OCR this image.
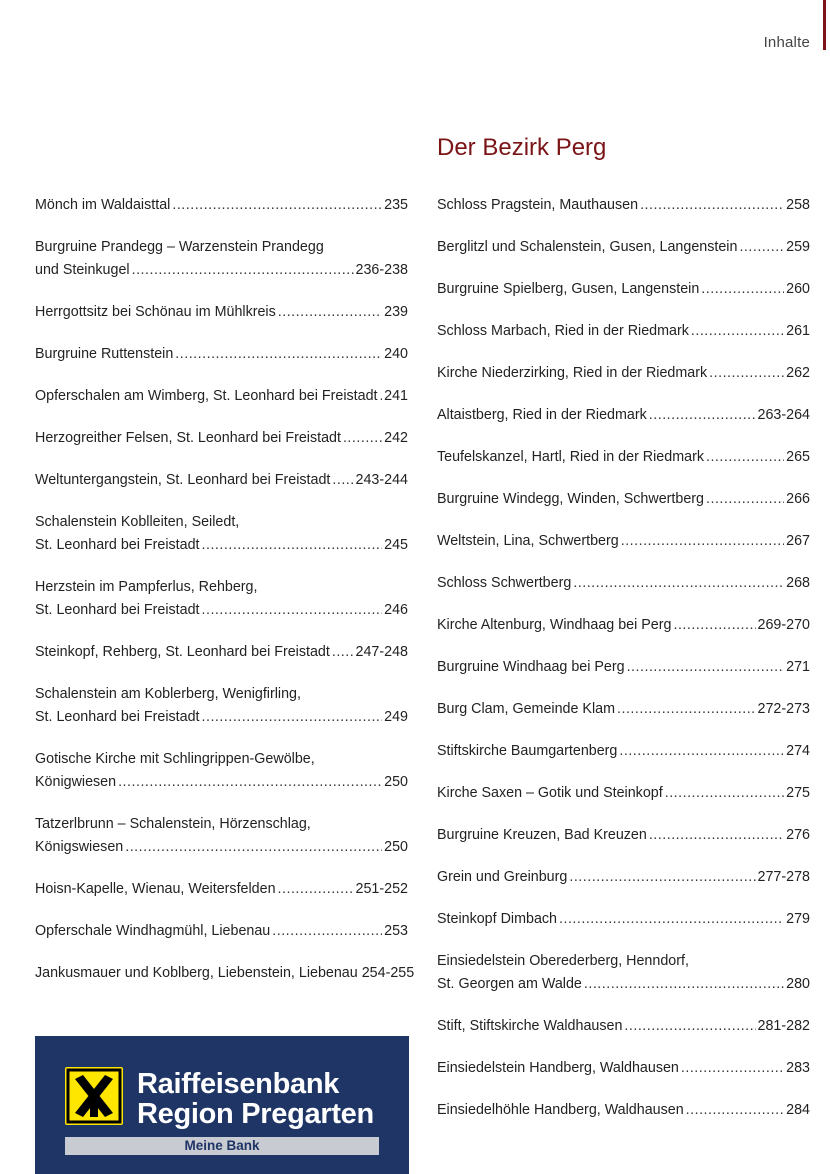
Inhalte
Der Bezirk Perg
Mönch im Waldaisttal .....	235
Burgruine Prandegg – Warzenstein Prandegg
und Steinkugel .....	236-238
Herrgottsitz bei Schönau im Mühlkreis .....	239
Burgruine Ruttenstein .....	240
Opferschalen am Wimberg, St. Leonhard bei Freistadt ..... 241
Herzogreither Felsen, St. Leonhard bei Freistadt .....	242
Weltuntergangstein, St. Leonhard bei Freistadt ..... 243-244
Schalenstein Koblleiten, Seiledt,
St. Leonhard bei Freistadt .....	245
Herzstein im Pampferlus, Rehberg,
St. Leonhard bei Freistadt .....	246
Steinkopf, Rehberg, St. Leonhard bei Freistadt ..... 247-248
Schalenstein am Koblerberg, Wenigfirling,
St. Leonhard bei Freistadt .....	249
Gotische Kirche mit Schlingrippen-Gewölbe,
Königwiesen .....	250
Tatzerlbrunn – Schalenstein, Hörzenschlag,
Königswiesen .....	250
Hoisn-Kapelle, Wienau, Weitersfelden .....	251-252
Opferschale Windhagmühl, Liebenau .....	253
Jankusmauer und Koblberg, Liebenstein, Liebenau 254-255
Schloss Pragstein, Mauthausen .....	258
Berglitzl und Schalenstein, Gusen, Langenstein .....	259
Burgruine Spielberg, Gusen, Langenstein .....	260
Schloss Marbach, Ried in der Riedmark .....	261
Kirche Niederzirking, Ried in der Riedmark .....	262
Altaistberg, Ried in der Riedmark .....	263-264
Teufelskanzel, Hartl, Ried in der Riedmark .....	265
Burgruine Windegg, Winden, Schwertberg .....	266
Weltstein, Lina, Schwertberg .....	267
Schloss Schwertberg .....	268
Kirche Altenburg, Windhaag bei Perg .....	269-270
Burgruine Windhaag bei Perg .....	271
Burg Clam, Gemeinde Klam .....	272-273
Stiftskirche Baumgartenberg .....	274
Kirche Saxen – Gotik und Steinkopf .....	275
Burgruine Kreuzen, Bad Kreuzen .....	276
Grein und Greinburg .....	277-278
Steinkopf Dimbach .....	279
Einsiedelstein Oberederberg, Henndorf,
St. Georgen am Walde .....	280
Stift, Stiftskirche Waldhausen .....	281-282
Einsiedelstein Handberg, Waldhausen .....	283
Einsiedelhöhle Handberg, Waldhausen .....	284
Raiffeisenbank
Region Pregarten
Meine Bank
